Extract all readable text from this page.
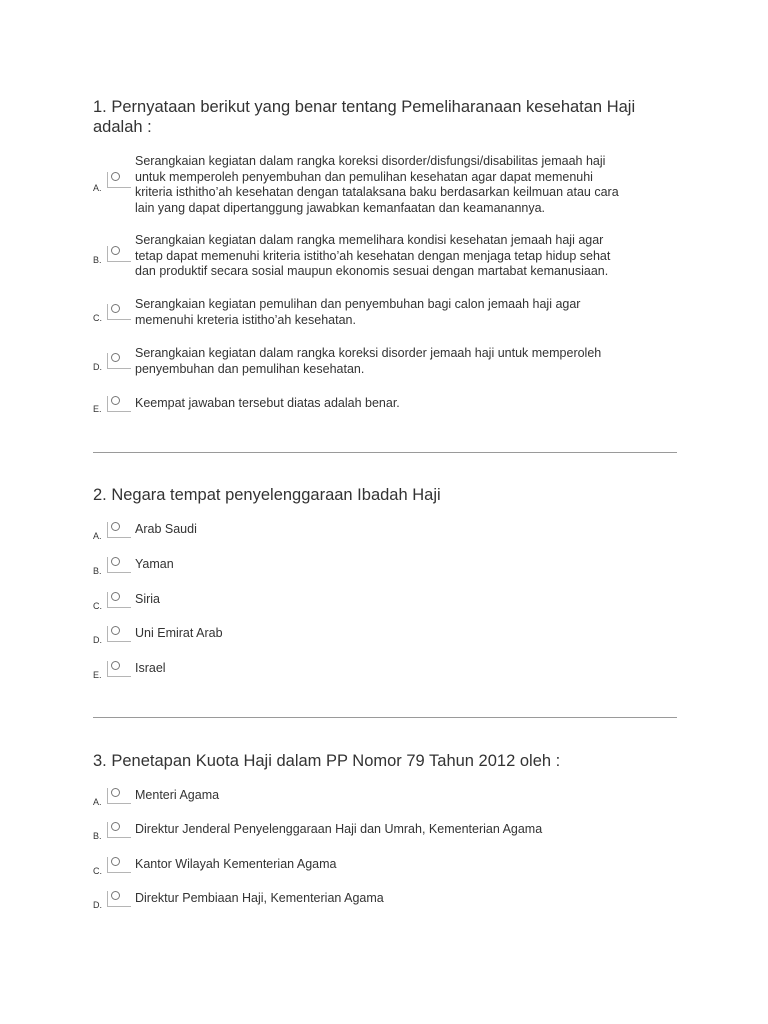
1. Pernyataan berikut yang benar tentang Pemeliharanaan kesehatan Haji adalah :
A.
Serangkaian kegiatan dalam rangka koreksi disorder/disfungsi/disabilitas jemaah haji
untuk memperoleh penyembuhan dan pemulihan kesehatan agar dapat memenuhi
kriteria isthitho’ah kesehatan dengan tatalaksana baku berdasarkan keilmuan atau cara
lain yang dapat dipertanggung jawabkan kemanfaatan dan keamanannya.
B.
Serangkaian kegiatan dalam rangka memelihara kondisi kesehatan jemaah haji agar
tetap dapat memenuhi kriteria istitho’ah kesehatan dengan menjaga tetap hidup sehat
dan produktif secara sosial maupun ekonomis sesuai dengan martabat kemanusiaan.
C.
Serangkaian kegiatan pemulihan dan penyembuhan bagi calon jemaah haji agar
memenuhi kreteria istitho’ah kesehatan.
D.
Serangkaian kegiatan dalam rangka koreksi disorder jemaah haji untuk memperoleh
penyembuhan dan pemulihan kesehatan.
E.	Keempat jawaban tersebut diatas adalah benar.
2. Negara tempat penyelenggaraan Ibadah Haji
A.	Arab Saudi
B.	Yaman
C.	Siria
D.	Uni Emirat Arab
E.	Israel
3. Penetapan Kuota Haji dalam PP Nomor 79 Tahun 2012 oleh :
A.	Menteri Agama
B.	Direktur Jenderal Penyelenggaraan Haji dan Umrah, Kementerian Agama
C.	Kantor Wilayah Kementerian Agama
D.	Direktur Pembiaan Haji, Kementerian Agama
